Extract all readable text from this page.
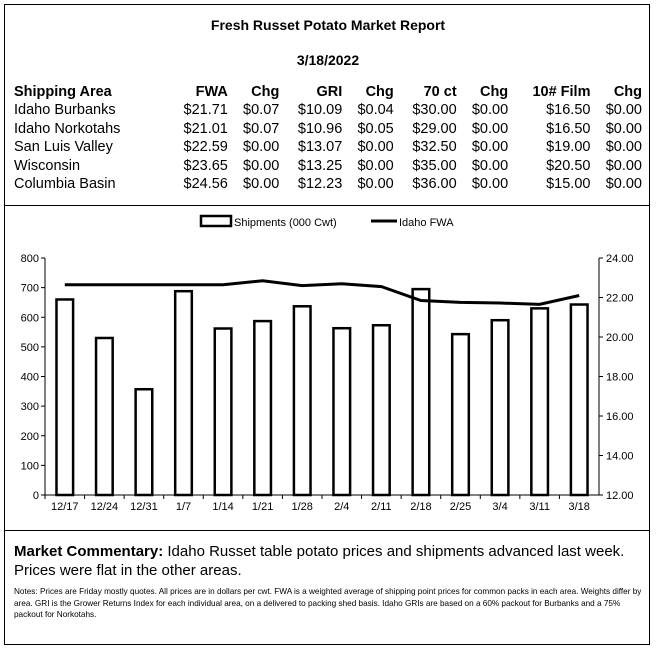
Fresh Russet Potato Market Report
3/18/2022
Shipping Area	FWA	Chg	GRI	Chg	70 ct	Chg	10# Film	Chg
Idaho Burbanks	$21.71	$0.07	$10.09	$0.04	$30.00	$0.00	$16.50	$0.00
Idaho Norkotahs	$21.01	$0.07	$10.96	$0.05	$29.00	$0.00	$16.50	$0.00
San Luis Valley	$22.59	$0.00	$13.07	$0.00	$32.50	$0.00	$19.00	$0.00
Wisconsin	$23.65	$0.00	$13.25	$0.00	$35.00	$0.00	$20.50	$0.00
Columbia Basin	$24.56	$0.00	$12.23	$0.00	$36.00	$0.00	$15.00	$0.00
0
100
200
300
400
500
600
700
800
12.00
14.00
16.00
18.00
20.00
22.00
24.00
12/17 12/24 12/31 1/7 1/14 1/21 1/28 2/4 2/11 2/18 2/25 3/4 3/11 3/18
Shipments (000 Cwt)	Idaho FWA
Market Commentary: Idaho Russet table potato prices and shipments advanced last week. Prices were flat in the other areas.
Notes: Prices are Friday mostly quotes. All prices are in dollars per cwt. FWA is a weighted average of shipping point prices for common packs in each area. Weights differ by area. GRI is the Grower Returns Index for each individual area, on a delivered to packing shed basis. Idaho GRIs are based on a 60% packout for Burbanks and a 75% packout for Norkotahs.
